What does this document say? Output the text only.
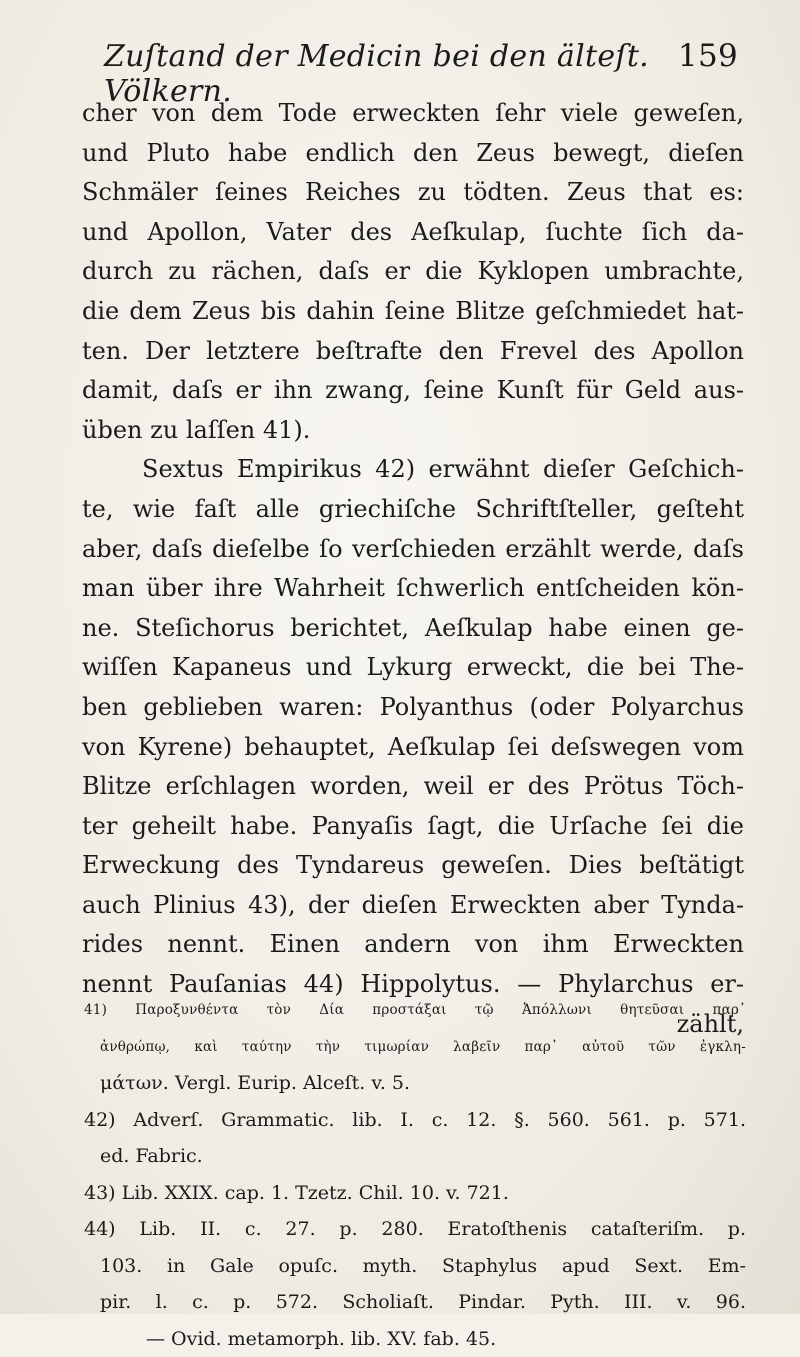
Zuſtand der Medicin bei den älteſt. Völkern.
159
cher von dem Tode erweckten ſehr viele geweſen,
und Pluto habe endlich den Zeus bewegt, dieſen
Schmäler ſeines Reiches zu tödten. Zeus that es:
und Apollon, Vater des Aeſkulap, ſuchte ſich da-
durch zu rächen, daſs er die Kyklopen umbrachte,
die dem Zeus bis dahin ſeine Blitze geſchmiedet hat-
ten. Der letztere beſtrafte den Frevel des Apollon
damit, daſs er ihn zwang, ſeine Kunſt für Geld aus-
üben zu laſſen 41).
Sextus Empirikus 42) erwähnt dieſer Geſchich-
te, wie faſt alle griechiſche Schriftſteller, geſteht
aber, daſs dieſelbe ſo verſchieden erzählt werde, daſs
man über ihre Wahrheit ſchwerlich entſcheiden kön-
ne. Steſichorus berichtet, Aeſkulap habe einen ge-
wiſſen Kapaneus und Lykurg erweckt, die bei The-
ben geblieben waren: Polyanthus (oder Polyarchus
von Kyrene) behauptet, Aeſkulap ſei deſswegen vom
Blitze erſchlagen worden, weil er des Prötus Töch-
ter geheilt habe. Panyaſis ſagt, die Urſache ſei die
Erweckung des Tyndareus geweſen. Dies beſtätigt
auch Plinius 43), der dieſen Erweckten aber Tynda-
rides nennt. Einen andern von ihm Erweckten
nennt Pauſanias 44) Hippolytus. — Phylarchus er-
zählt,
41) Παροξυνθέντα τὸν Δία προστάξαι τῷ Ἀπόλλωνι θητεῦσαι παρ᾽
ἀνθρώπῳ, καὶ ταύτην τὴν τιμωρίαν λαβεῖν παρ᾽ αὐτοῦ τῶν ἐγκλη-
μάτων. Vergl. Eurip. Alceſt. v. 5.
42) Adverſ. Grammatic. lib. I. c. 12. §. 560. 561. p. 571.
ed. Fabric.
43) Lib. XXIX. cap. 1. Tzetz. Chil. 10. v. 721.
44) Lib. II. c. 27. p. 280. Eratoſthenis cataſteriſm. p.
103. in Gale opuſc. myth. Staphylus apud Sext. Em-
pir. l. c. p. 572. Scholiaſt. Pindar. Pyth. III. v. 96.
— Ovid. metamorph. lib. XV. fab. 45.
